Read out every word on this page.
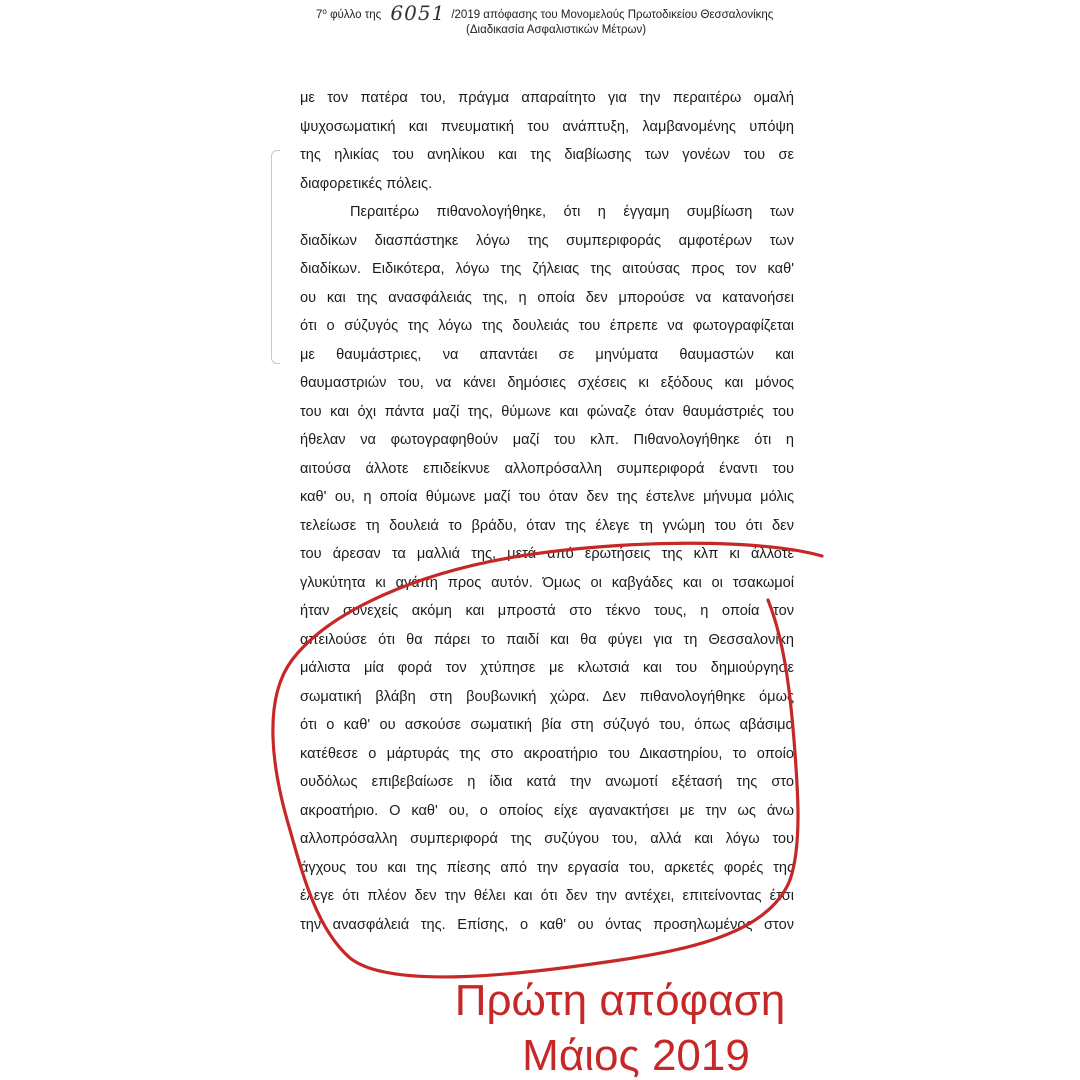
$7^o$ φύλλο της 6051 /2019 απόφασης του Μονομελούς Πρωτοδικείου Θεσσαλονίκης
(Διαδικασία Ασφαλιστικών Μέτρων)
με τον πατέρα του, πράγμα απαραίτητο για την περαιτέρω ομαλή
ψυχοσωματική και πνευματική του ανάπτυξη, λαμβανομένης υπόψη
της ηλικίας του ανηλίκου και της διαβίωσης των γονέων του σε
διαφορετικές πόλεις.
Περαιτέρω πιθανολογήθηκε, ότι η έγγαμη συμβίωση των
διαδίκων διασπάστηκε λόγω της συμπεριφοράς αμφοτέρων των
διαδίκων. Ειδικότερα, λόγω της ζήλειας της αιτούσας προς τον καθ'
ου και της ανασφάλειάς της, η οποία δεν μπορούσε να κατανοήσει
ότι ο σύζυγός της λόγω της δουλειάς του έπρεπε να φωτογραφίζεται
με θαυμάστριες, να απαντάει σε μηνύματα θαυμαστών και
θαυμαστριών του, να κάνει δημόσιες σχέσεις κι εξόδους και μόνος
του και όχι πάντα μαζί της, θύμωνε και φώναζε όταν θαυμάστριές του
ήθελαν να φωτογραφηθούν μαζί του κλπ. Πιθανολογήθηκε ότι η
αιτούσα άλλοτε επιδείκνυε αλλοπρόσαλλη συμπεριφορά έναντι του
καθ' ου, η οποία θύμωνε μαζί του όταν δεν της έστελνε μήνυμα μόλις
τελείωσε τη δουλειά το βράδυ, όταν της έλεγε τη γνώμη του ότι δεν
του άρεσαν τα μαλλιά της, μετά από ερωτήσεις της κλπ κι άλλοτε
γλυκύτητα κι αγάπη προς αυτόν. Όμως οι καβγάδες και οι τσακωμοί
ήταν συνεχείς ακόμη και μπροστά στο τέκνο τους, η οποία τον
απειλούσε ότι θα πάρει το παιδί και θα φύγει για τη Θεσσαλονίκη
μάλιστα μία φορά τον χτύπησε με κλωτσιά και του δημιούργησε
σωματική βλάβη στη βουβωνική χώρα. Δεν πιθανολογήθηκε όμως
ότι ο καθ' ου ασκούσε σωματική βία στη σύζυγό του, όπως αβάσιμα
κατέθεσε ο μάρτυράς της στο ακροατήριο του Δικαστηρίου, το οποίο
ουδόλως επιβεβαίωσε η ίδια κατά την ανωμοτί εξέτασή της στο
ακροατήριο. Ο καθ' ου, ο οποίος είχε αγανακτήσει με την ως άνω
αλλοπρόσαλλη συμπεριφορά της συζύγου του, αλλά και λόγω του
άγχους του και της πίεσης από την εργασία του, αρκετές φορές της
έλεγε ότι πλέον δεν την θέλει και ότι δεν την αντέχει, επιτείνοντας έτσι
την ανασφάλειά της. Επίσης, ο καθ' ου όντας προσηλωμένος στον
Πρώτη απόφαση
Μάιος 2019
